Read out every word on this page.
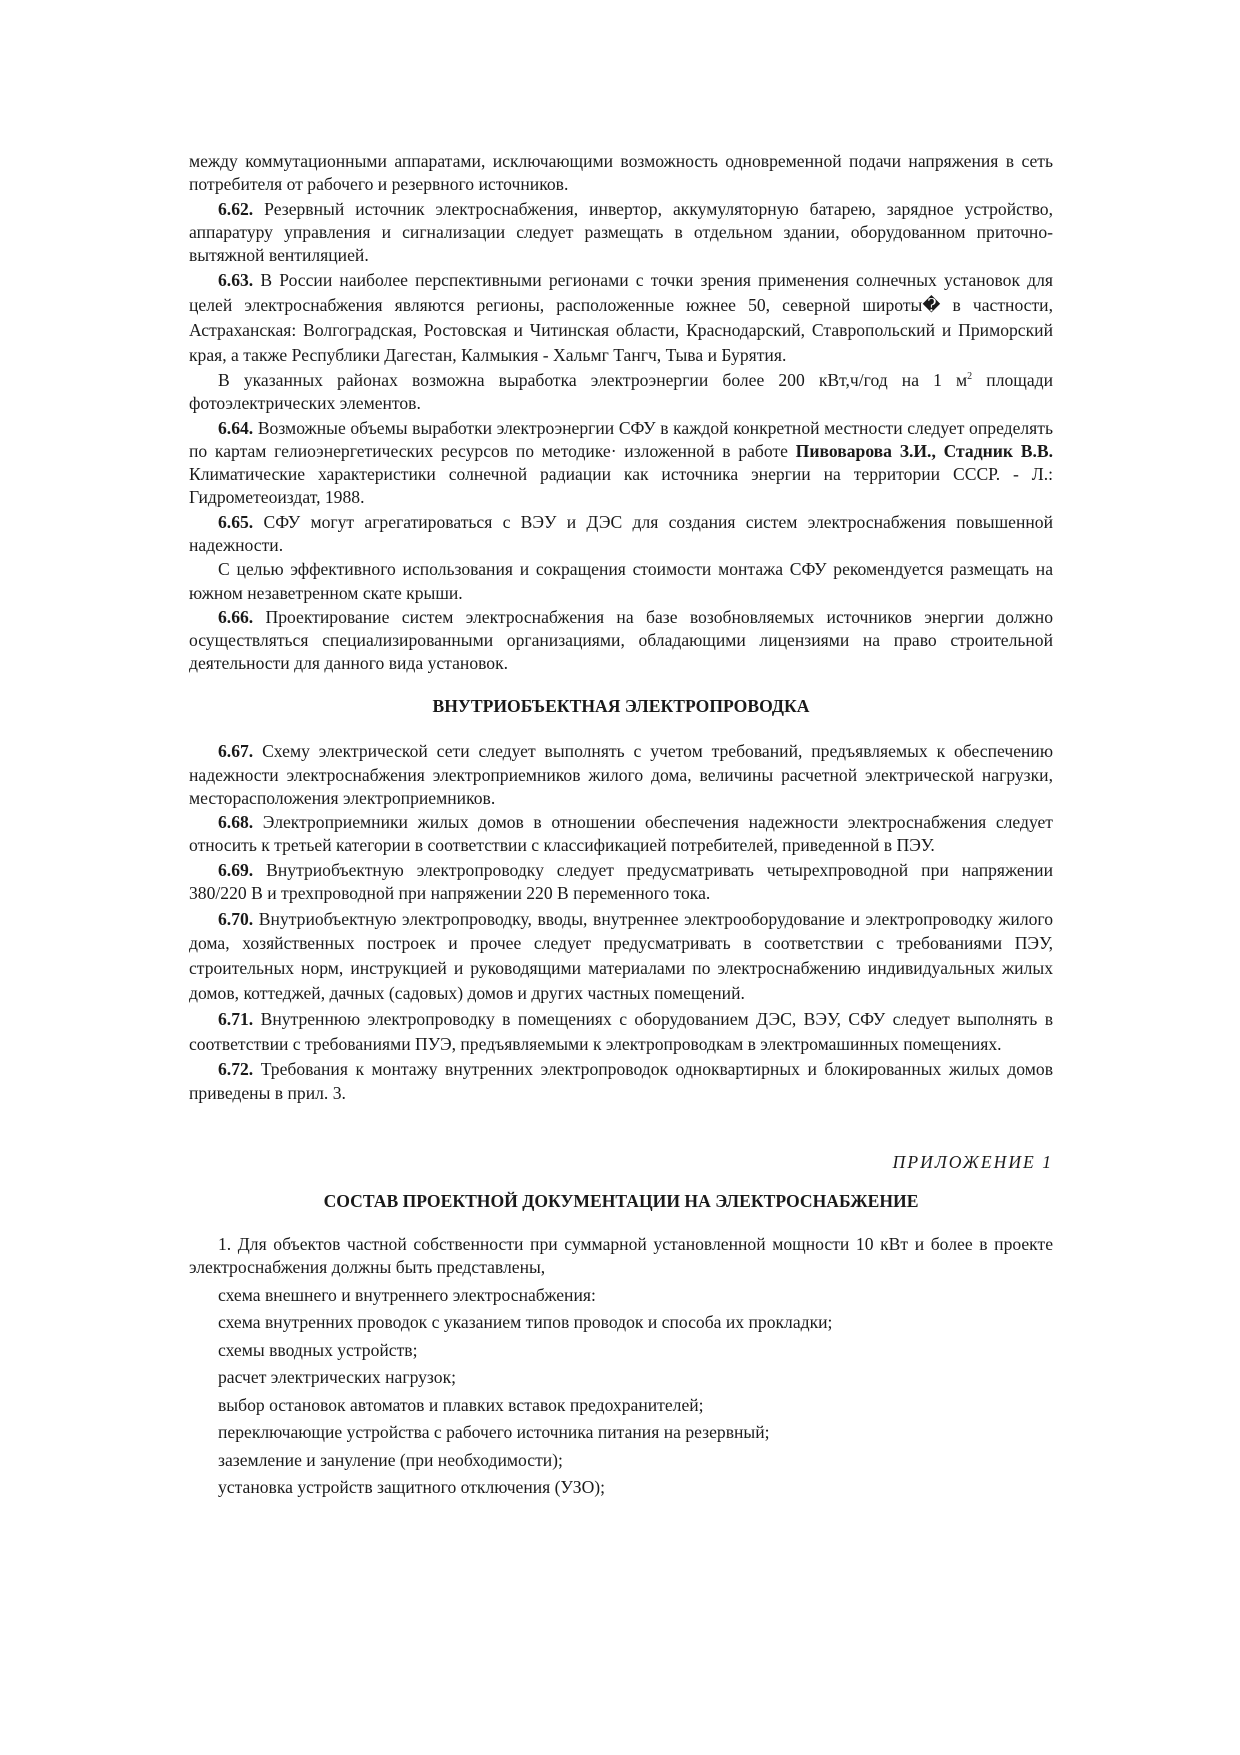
между коммутационными аппаратами, исключающими возможность одновременной подачи напряжения в сеть потребителя от рабочего и резервного источников.

6.62. Резервный источник электроснабжения, инвертор, аккумуляторную батарею, зарядное устройство, аппаратуру управления и сигнализации следует размещать в отдельном здании, оборудованном приточно-вытяжной вентиляцией.

6.63. В России наиболее перспективными регионами с точки зрения применения солнечных установок для целей электроснабжения являются регионы, расположенные южнее 50, северной широты� в частности, Астраханская: Волгоградская, Ростовская и Читинская области, Краснодарский, Ставропольский и Приморский края, а также Республики Дагестан, Калмыкия - Хальмг Тангч, Тыва и Бурятия.

В указанных районах возможна выработка электроэнергии более 200 кВт,ч/год на 1 $м^2$ площади фотоэлектрических элементов.

6.64. Возможные объемы выработки электроэнергии СФУ в каждой конкретной местности следует определять по картам гелиоэнергетических ресурсов по методике· изложенной в работе Пивоварова З.И., Стадник В.В. Климатические характеристики солнечной радиации как источника энергии на территории СССР. - Л.: Гидрометеоиздат, 1988.

6.65. СФУ могут агрегатироваться с ВЭУ и ДЭС для создания систем электроснабжения повышенной надежности.

С целью эффективного использования и сокращения стоимости монтажа СФУ рекомендуется размещать на южном незаветренном скате крыши.

6.66. Проектирование систем электроснабжения на базе возобновляемых источников энергии должно осуществляться специализированными организациями, обладающими лицензиями на право строительной деятельности для данного вида установок.

ВНУТРИОБЪЕКТНАЯ ЭЛЕКТРОПРОВОДКА

6.67. Схему электрической сети следует выполнять с учетом требований, предъявляемых к обеспечению надежности электроснабжения электроприемников жилого дома, величины расчетной электрической нагрузки, месторасположения электроприемников.

6.68. Электроприемники жилых домов в отношении обеспечения надежности электроснабжения следует относить к третьей категории в соответствии с классификацией потребителей, приведенной в ПЭУ.

6.69. Внутриобъектную электропроводку следует предусматривать четырехпроводной при напряжении 380/220 В и трехпроводной при напряжении 220 В переменного тока.

6.70. Внутриобъектную электропроводку, вводы, внутреннее электрооборудование и электропроводку жилого дома, хозяйственных построек и прочее следует предусматривать в соответствии с требованиями ПЭУ, строительных норм, инструкцией и руководящими материалами по электроснабжению индивидуальных жилых домов, коттеджей, дачных (садовых) домов и других частных помещений.

6.71. Внутреннюю электропроводку в помещениях с оборудованием ДЭС, ВЭУ, СФУ следует выполнять в соответствии с требованиями ПУЭ, предъявляемыми к электропроводкам в электромашинных помещениях.

6.72. Требования к монтажу внутренних электропроводок одноквартирных и блокированных жилых домов приведены в прил. 3.

ПРИЛОЖЕНИЕ 1

СОСТАВ ПРОЕКТНОЙ ДОКУМЕНТАЦИИ НА ЭЛЕКТРОСНАБЖЕНИЕ

1. Для объектов частной собственности при суммарной установленной мощности 10 кВт и более в проекте электроснабжения должны быть представлены,

схема внешнего и внутреннего электроснабжения:

схема внутренних проводок с указанием типов проводок и способа их прокладки;

схемы вводных устройств;

расчет электрических нагрузок;

выбор остановок автоматов и плавких вставок предохранителей;

переключающие устройства с рабочего источника питания на резервный;

заземление и зануление (при необходимости);

установка устройств защитного отключения (УЗО);
